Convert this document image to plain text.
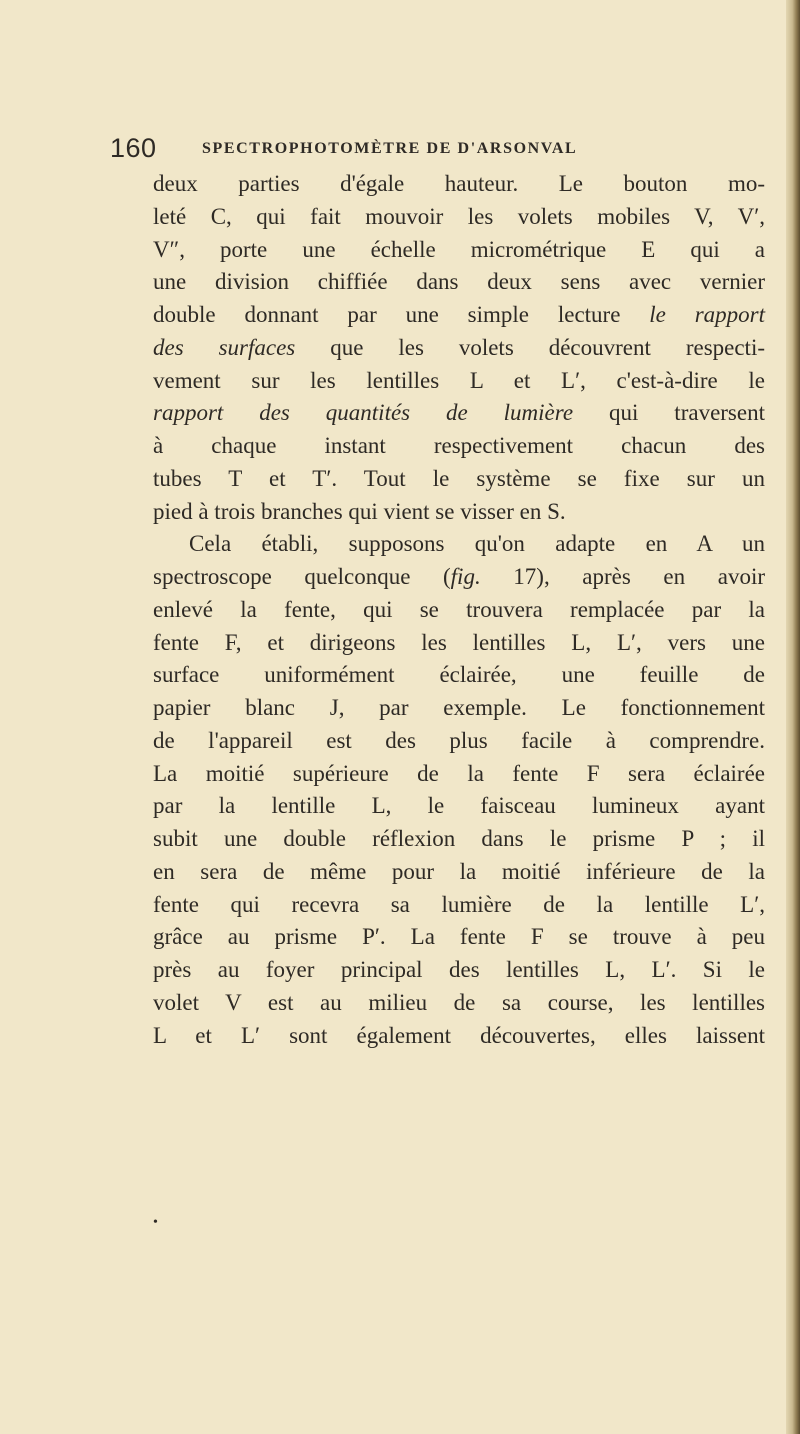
160	SPECTROPHOTOMÈTRE DE D'ARSONVAL
deux parties d'égale hauteur. Le bouton mo-
leté C, qui fait mouvoir les volets mobiles V, V′,
V″, porte une échelle micrométrique E qui a
une division chiffiée dans deux sens avec vernier
double donnant par une simple lecture le rapport
des surfaces que les volets découvrent respecti-
vement sur les lentilles L et L′, c'est-à-dire le
rapport des quantités de lumière qui traversent
à chaque instant respectivement chacun des
tubes T et T′. Tout le système se fixe sur un
pied à trois branches qui vient se visser en S.
Cela établi, supposons qu'on adapte en A un
spectroscope quelconque (fig. 17), après en avoir
enlevé la fente, qui se trouvera remplacée par la
fente F, et dirigeons les lentilles L, L′, vers une
surface uniformément éclairée, une feuille de
papier blanc J, par exemple. Le fonctionnement
de l'appareil est des plus facile à comprendre.
La moitié supérieure de la fente F sera éclairée
par la lentille L, le faisceau lumineux ayant
subit une double réflexion dans le prisme P ; il
en sera de même pour la moitié inférieure de la
fente qui recevra sa lumière de la lentille L′,
grâce au prisme P′. La fente F se trouve à peu
près au foyer principal des lentilles L, L′. Si le
volet V est au milieu de sa course, les lentilles
L et L′ sont également découvertes, elles laissent
•
